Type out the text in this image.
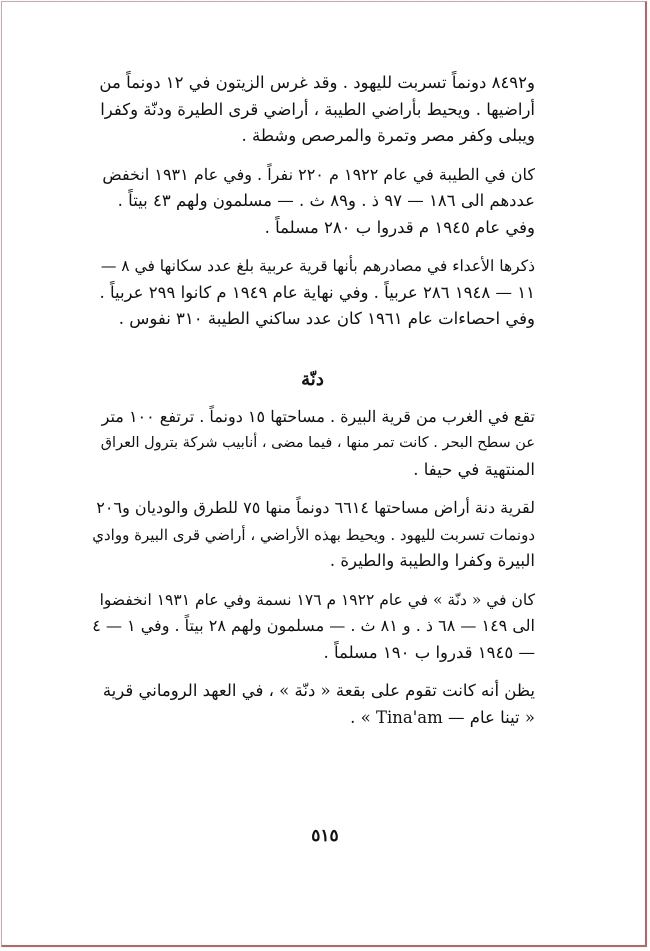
و٨٤٩٢ دونماً تسربت لليهود . وقد غرس الزيتون في ١٢ دونماً من
أراضيها . ويحيط بأراضي الطيبة ، أراضي قرى الطيرة ودنّة وكفرا
ويبلى وكفر مصر وتمرة والمرصص وشطة .

كان في الطيبة في عام ١٩٢٢ م ٢٢٠ نفراً . وفي عام ١٩٣١ انخفض
عددهم الى ١٨٦ — ٩٧ ذ . و٨٩ ث . — مسلمون ولهم ٤٣ بيتاً .
وفي عام ١٩٤٥ م قدروا ب ٢٨٠ مسلماً .

ذكرها الأعداء في مصادرهم بأنها قرية عربية بلغ عدد سكانها في ٨ —
١١ — ١٩٤٨ ٢٨٦ عربياً . وفي نهاية عام ١٩٤٩ م كانوا ٢٩٩ عربياً .
وفي احصاءات عام ١٩٦١ كان عدد ساكني الطيبة ٣١٠ نفوس .

دنّة

تقع في الغرب من قرية البيرة . مساحتها ١٥ دونماً . ترتفع ١٠٠ متر
عن سطح البحر . كانت تمر منها ، فيما مضى ، أنابيب شركة بترول العراق
المنتهية في حيفا .

لقرية دنة أراض مساحتها ٦٦١٤ دونماً منها ٧٥ للطرق والوديان و٢٠٦
دونمات تسربت لليهود . ويحيط بهذه الأراضي ، أراضي قرى البيرة ووادي
البيرة وكفرا والطيبة والطيرة .

كان في « دنّة » في عام ١٩٢٢ م ١٧٦ نسمة وفي عام ١٩٣١ انخفضوا
الى ١٤٩ — ٦٨ ذ . و ٨١ ث . — مسلمون ولهم ٢٨ بيتاً . وفي ١ — ٤
— ١٩٤٥ قدروا ب ١٩٠ مسلماً .

يظن أنه كانت تقوم على بقعة « دنّة » ، في العهد الروماني قرية
« تينا عام — Tina'am » .

٥١٥
